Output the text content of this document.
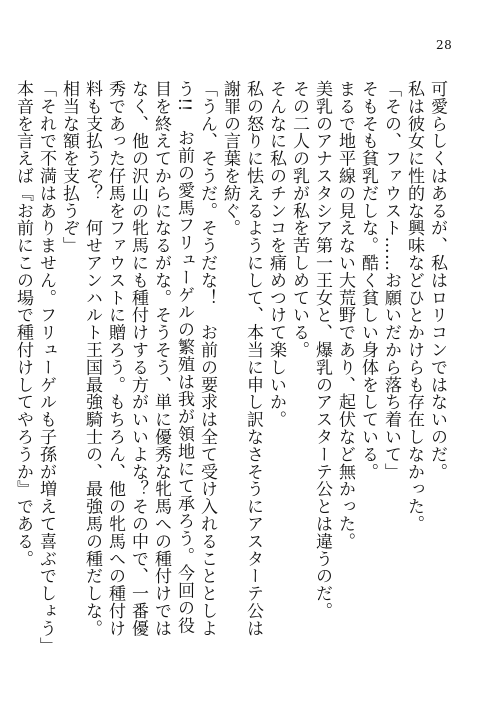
28

可愛らしくはあるが、私はロリコンではないのだ。

私は彼女に性的な興味などひとかけらも存在しなかった。

「その、ファウスト……お願いだから落ち着いて」

そもそも貧乳だしな。酷く貧しい身体をしている。

まるで地平線の見えない大荒野であり、起伏など無かった。

美乳のアナスタシア第一王女と、爆乳のアスターテ公とは違うのだ。

その二人の乳が私を苦しめている。

そんなに私のチンコを痛めつけて楽しいか。

私の怒りに怯えるようにして、本当に申し訳なさそうにアスターテ公は謝罪の言葉を紡ぐ。

「うん、そうだ。そうだな！　お前の要求は全て受け入れることとしよう!!　お前の愛馬フリューゲルの繁殖は我が領地にて承ろう。今回の役目を終えてからになるがな。そうそう、単に優秀な牝馬への種付けではなく、他の沢山の牝馬にも種付けする方がいいよな？その中で、一番優秀であった仔馬をファウストに贈ろう。もちろん、他の牝馬への種付け料も支払うぞ？　何せアンハルト王国最強騎士の、最強馬の種だしな。相当な額を支払うぞ」

「それで不満はありません。フリューゲルも子孫が増えて喜ぶでしょう」

本音を言えば『お前にこの場で種付けしてやろうか』である。
